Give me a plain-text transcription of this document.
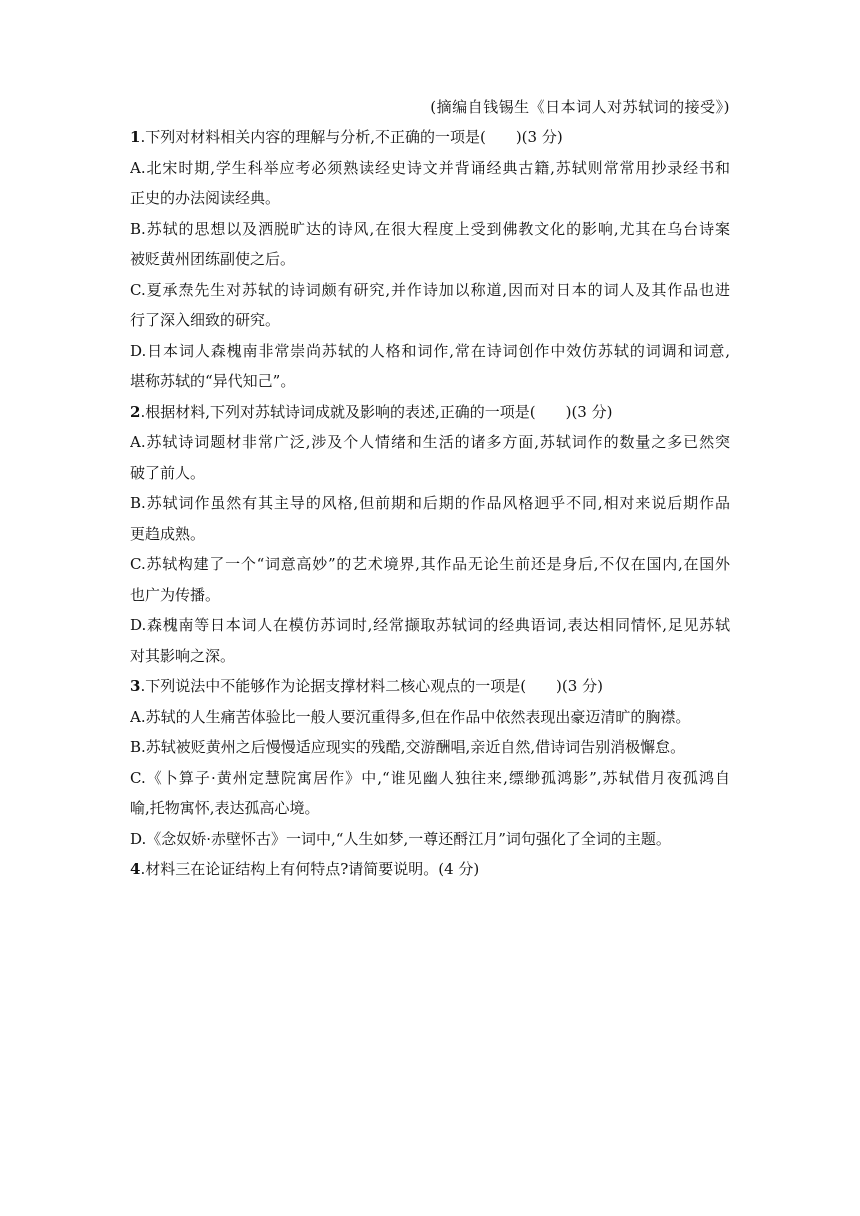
(摘编自钱锡生《日本词人对苏轼词的接受》)
1.下列对材料相关内容的理解与分析,不正确的一项是(　　)(3 分)
A.北宋时期,学生科举应考必须熟读经史诗文并背诵经典古籍,苏轼则常常用抄录经书和
正史的办法阅读经典。
B.苏轼的思想以及洒脱旷达的诗风,在很大程度上受到佛教文化的影响,尤其在乌台诗案
被贬黄州团练副使之后。
C.夏承焘先生对苏轼的诗词颇有研究,并作诗加以称道,因而对日本的词人及其作品也进
行了深入细致的研究。
D.日本词人森槐南非常崇尚苏轼的人格和词作,常在诗词创作中效仿苏轼的词调和词意,
堪称苏轼的“异代知己”。
2.根据材料,下列对苏轼诗词成就及影响的表述,正确的一项是(　　)(3 分)
A.苏轼诗词题材非常广泛,涉及个人情绪和生活的诸多方面,苏轼词作的数量之多已然突
破了前人。
B.苏轼词作虽然有其主导的风格,但前期和后期的作品风格迥乎不同,相对来说后期作品
更趋成熟。
C.苏轼构建了一个“词意高妙”的艺术境界,其作品无论生前还是身后,不仅在国内,在国外
也广为传播。
D.森槐南等日本词人在模仿苏词时,经常撷取苏轼词的经典语词,表达相同情怀,足见苏轼
对其影响之深。
3.下列说法中不能够作为论据支撑材料二核心观点的一项是(　　)(3 分)
A.苏轼的人生痛苦体验比一般人要沉重得多,但在作品中依然表现出豪迈清旷的胸襟。
B.苏轼被贬黄州之后慢慢适应现实的残酷,交游酬唱,亲近自然,借诗词告别消极懈怠。
C.《卜算子·黄州定慧院寓居作》中,“谁见幽人独往来,缥缈孤鸿影”,苏轼借月夜孤鸿自
喻,托物寓怀,表达孤高心境。
D.《念奴娇·赤壁怀古》一词中,“人生如梦,一尊还酹江月”词句强化了全词的主题。
4.材料三在论证结构上有何特点?请简要说明。(4 分)
